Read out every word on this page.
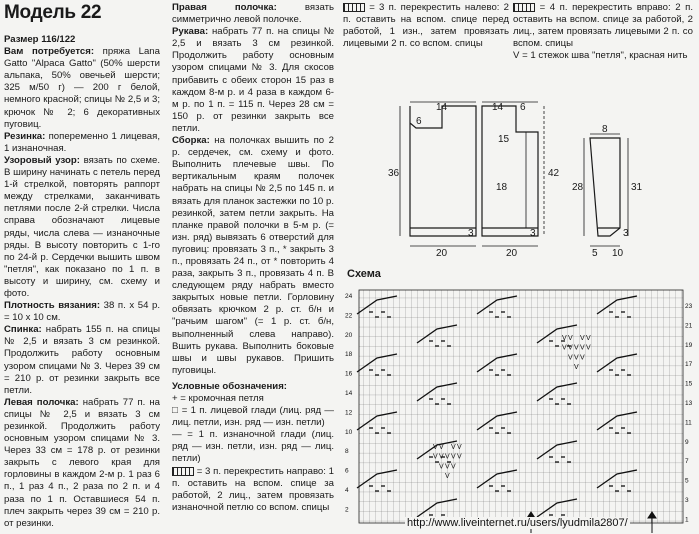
Модель 22

Размер 116/122

Вам потребуется: пряжа Lana Gatto "Alpaca Gatto" (50% шерсти альпака, 50% овечьей шерсти; 325 м/50 г) — 200 г белой, немного красной; спицы № 2,5 и 3; крючок № 2; 6 декоративных пуговиц.

Резинка: попеременно 1 лицевая, 1 изнаночная.

Узоровый узор: вязать по схеме. В ширину начинать с петель перед 1-й стрелкой, повторять раппорт между стрелками, заканчивать петлями после 2-й стрелки. Числа справа обозначают лицевые ряды, числа слева — изнаночные ряды. В высоту повторить с 1-го по 24-й р. Сердечки вышить швом "петля", как показано по 1 п. в высоту и ширину, см. схему и фото.

Плотность вязания: 38 п. х 54 р. = 10 х 10 см.

Спинка: набрать 155 п. на спицы № 2,5 и вязать 3 см резинкой. Продолжить работу основным узором спицами № 3. Через 39 см = 210 р. от резинки закрыть все петли.

Левая полочка: набрать 77 п. на спицы № 2,5 и вязать 3 см резинкой. Продолжить работу основным узором спицами № 3. Через 33 см = 178 р. от резинки закрыть с левого края для горловины в каждом 2-м р. 1 раз 6 п., 1 раз 4 п., 2 раза по 2 п. и 4 раза по 1 п. Оставшиеся 54 п. плеч закрыть через 39 см = 210 р. от резинки.

Правая полочка:	вязать симметрично левой полочке.

Рукава: набрать 77 п. на спицы № 2,5 и вязать 3 см резинкой. Продолжить работу основным узором спицами № 3. Для скосов прибавить с обеих сторон 15 раз в каждом 8-м р. и 4 раза в каждом 6-м р. по 1 п. = 115 п. Через 28 см = 150 р. от резинки закрыть все петли.

Сборка: на полочках вышить по 2 р. сердечек, см. схему и фото. Выполнить плечевые швы. По вертикальным краям полочек набрать на спицы № 2,5 по 145 п. и вязать для планок застежки по 10 р. резинкой, затем петли закрыть. На планке правой полочки в 5-м р. (= изн. ряд) вывязать 6 отверстий для пуговиц: провязать 3 п., * закрыть 3 п., провязать 24 п., от * повторить 4 раза, закрыть 3 п., провязать 4 п. В следующем ряду набрать вместо закрытых новые петли. Горловину обвязать крючком 2 р. ст. б/н и "рачьим шагом" (= 1 р. ст. б/н, выполненный слева направо). Вшить рукава. Выполнить боковые швы и швы рукавов. Пришить пуговицы.

Условные обозначения:

+ = кромочная петля

□ = 1 п. лицевой глади (лиц. ряд — лиц. петли, изн. ряд — изн. петли)

— = 1 п. изнаночной глади (лиц. ряд — изн. петли, изн. ряд — лиц. петли)

= 3 п. перекрестить направо: 1 п. оставить на вспом. спице за работой, 2 лиц., затем провязать изнаночной петлю со вспом. спицы

= 3 п. перекрестить налево: 2 п. оставить на вспом. спице перед работой, 1 изн., затем провязать лицевыми 2 п. со вспом. спицы

= 4 п. перекрестить вправо: 2 п. оставить на вспом. спице за работой, 2 лиц., затем провязать лицевыми 2 п. со вспом. спицы

V = 1 стежок шва "петля", красная нить

14
6
36
20
3
14 6
15
18
42
20
3
8
28	31
5 10
3
Схема
V V V V
V V V V V
V V V
V
V V V V
V V V V V
V V V
V
24
22
20
18
16
14
12
10
8
6
4
2
23
21
19
17
15
13
11
9
7
5
3
1
http://www.liveinternet.ru/users/lyudmila2807/
